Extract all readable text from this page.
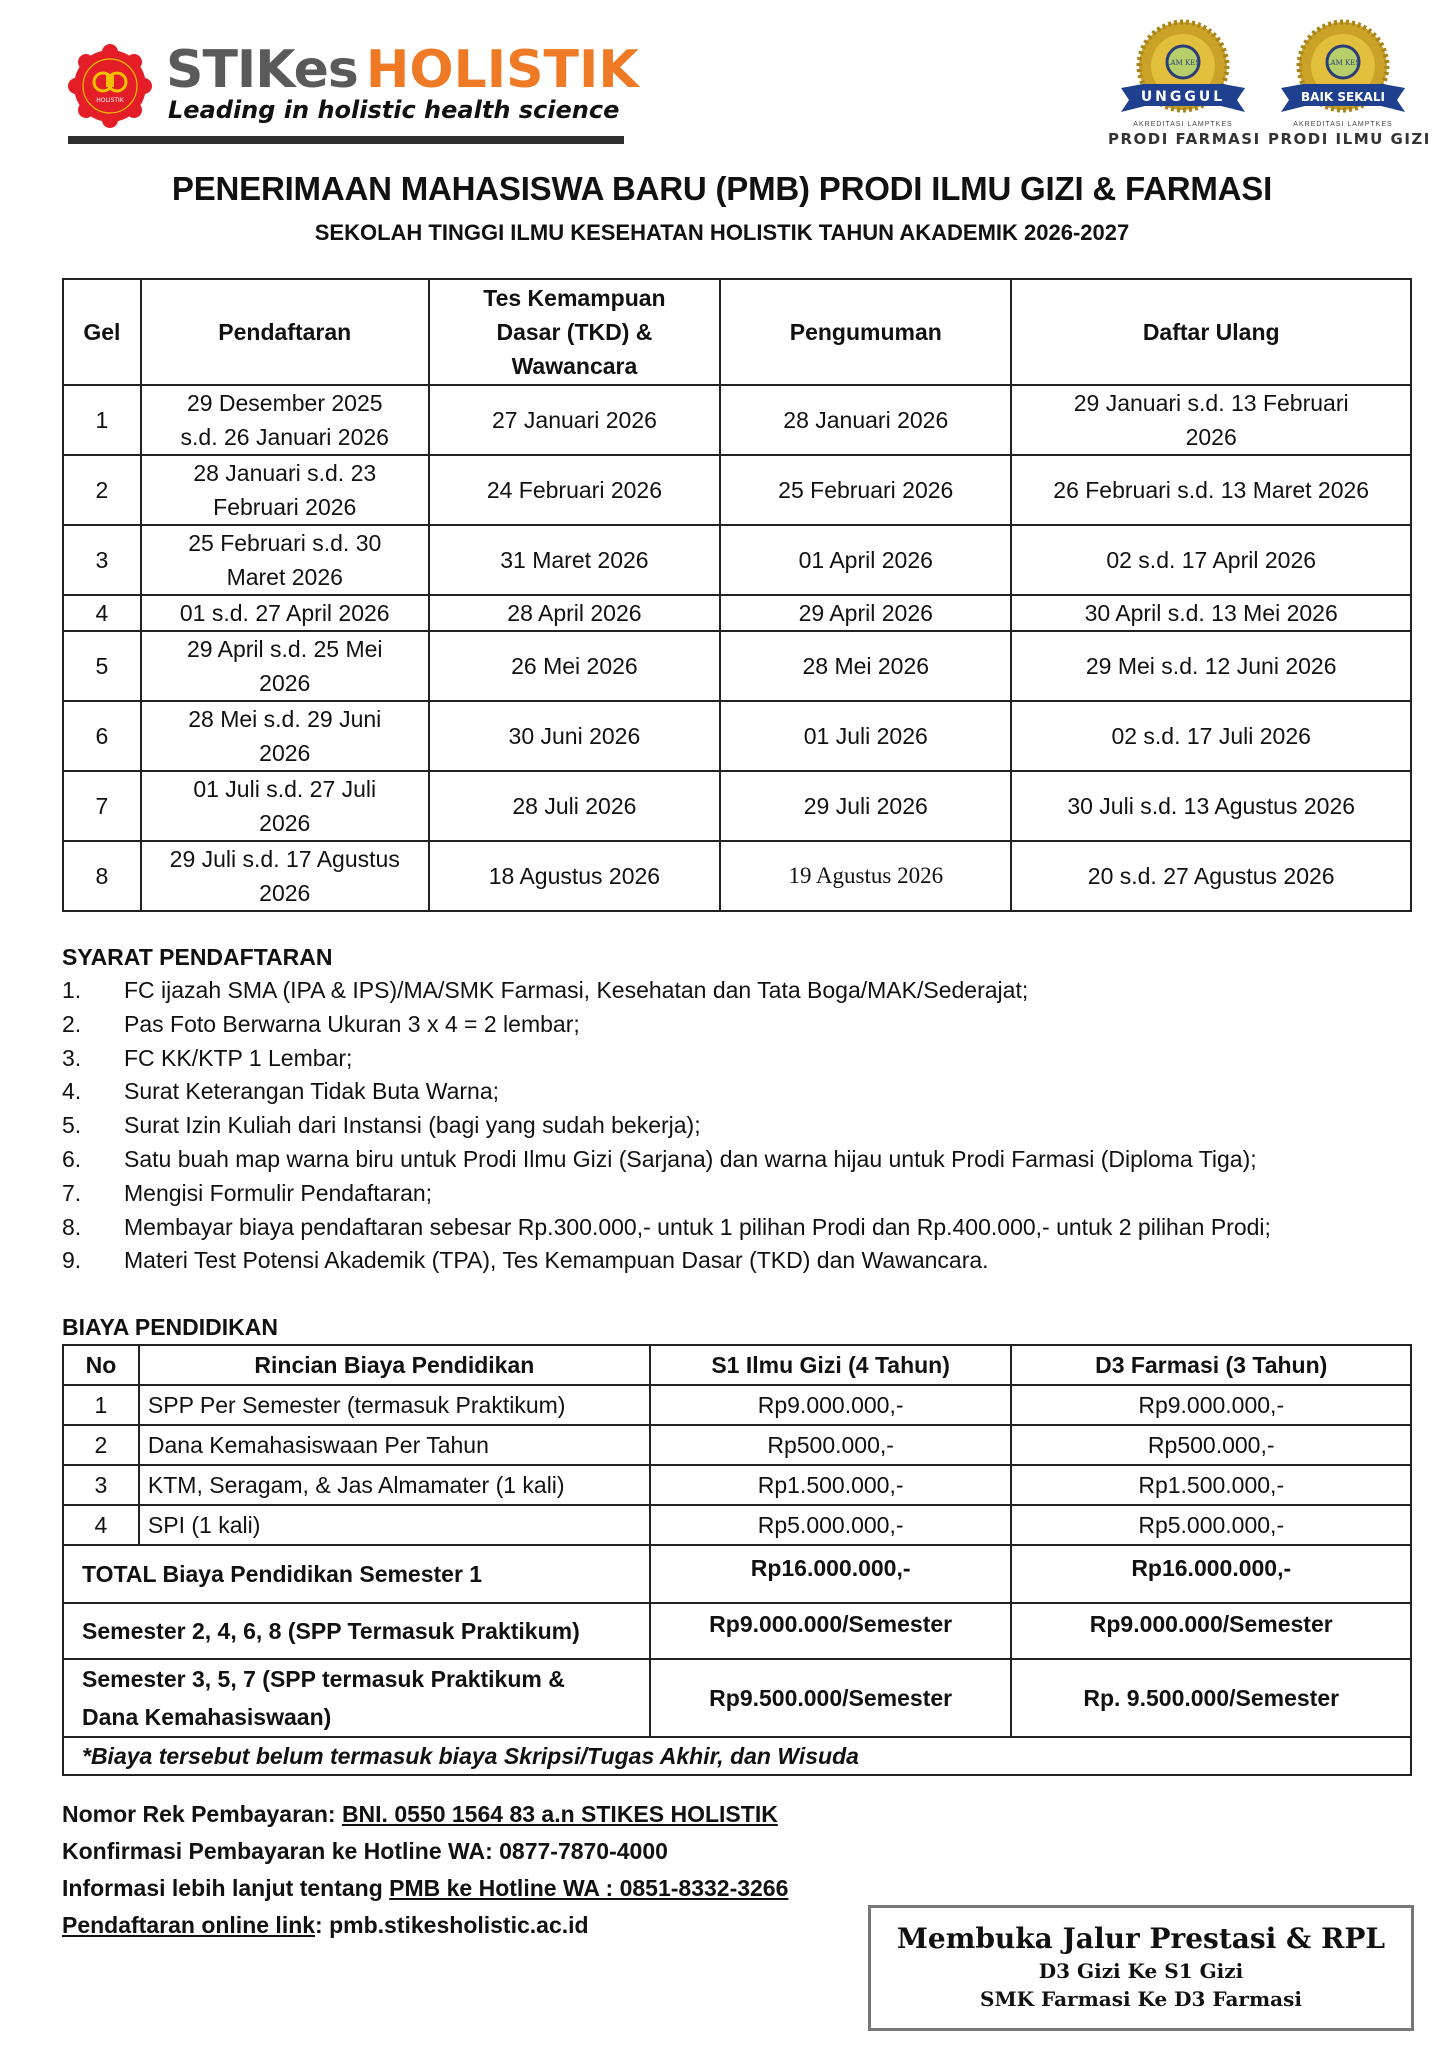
HOLISTIK
STIKes HOLISTIK
Leading in holistic health science
LAM KES
UNGGUL
AKREDITASI LAMPTKES
PRODI FARMASI
LAM KES
BAIK SEKALI
AKREDITASI LAMPTKES
PRODI ILMU GIZI
PENERIMAAN MAHASISWA BARU (PMB) PRODI ILMU GIZI & FARMASI
SEKOLAH TINGGI ILMU KESEHATAN HOLISTIK TAHUN AKADEMIK 2026-2027
Gel	Pendaftaran	Tes Kemampuan Dasar (TKD) & Wawancara	Pengumuman	Daftar Ulang
1	29 Desember 2025 s.d. 26 Januari 2026	27 Januari 2026	28 Januari 2026	29 Januari s.d. 13 Februari 2026

2	28 Januari s.d. 23 Februari 2026	24 Februari 2026	25 Februari 2026	26 Februari s.d. 13 Maret 2026
3	25 Februari s.d. 30 Maret 2026	31 Maret 2026	01 April 2026	02 s.d. 17 April 2026
4	01 s.d. 27 April 2026	28 April 2026	29 April 2026	30 April s.d. 13 Mei 2026
5	29 April s.d. 25 Mei 2026	26 Mei 2026	28 Mei 2026	29 Mei s.d. 12 Juni 2026
6	28 Mei s.d. 29 Juni 2026	30 Juni 2026	01 Juli 2026	02 s.d. 17 Juli 2026
7	01 Juli s.d. 27 Juli 2026	28 Juli 2026	29 Juli 2026	30 Juli s.d. 13 Agustus 2026
8	29 Juli s.d. 17 Agustus 2026	18 Agustus 2026	19 Agustus 2026	20 s.d. 27 Agustus 2026
SYARAT PENDAFTARAN
1.	FC ijazah SMA (IPA & IPS)/MA/SMK Farmasi, Kesehatan dan Tata Boga/MAK/Sederajat;
2.	Pas Foto Berwarna Ukuran 3 x 4 = 2 lembar;
3.	FC KK/KTP 1 Lembar;
4.	Surat Keterangan Tidak Buta Warna;
5.	Surat Izin Kuliah dari Instansi (bagi yang sudah bekerja);
6.	Satu buah map warna biru untuk Prodi Ilmu Gizi (Sarjana) dan warna hijau untuk Prodi Farmasi (Diploma Tiga);
7.	Mengisi Formulir Pendaftaran;
8.	Membayar biaya pendaftaran sebesar Rp.300.000,- untuk 1 pilihan Prodi dan Rp.400.000,- untuk 2 pilihan Prodi;
9.	Materi Test Potensi Akademik (TPA), Tes Kemampuan Dasar (TKD) dan Wawancara.
BIAYA PENDIDIKAN
No	Rincian Biaya Pendidikan	S1 Ilmu Gizi (4 Tahun)	D3 Farmasi (3 Tahun)
1	SPP Per Semester (termasuk Praktikum)	Rp9.000.000,-	Rp9.000.000,-
2	Dana Kemahasiswaan Per Tahun	Rp500.000,-	Rp500.000,-
3	KTM, Seragam, & Jas Almamater (1 kali)	Rp1.500.000,-	Rp1.500.000,-
4	SPI (1 kali)	Rp5.000.000,-	Rp5.000.000,-
TOTAL Biaya Pendidikan Semester 1		Rp16.000.000,-	Rp16.000.000,-
Semester 2, 4, 6, 8 (SPP Termasuk Praktikum)		Rp9.000.000/Semester	Rp9.000.000/Semester

Semester 3, 5, 7 (SPP termasuk Praktikum &
Dana Kemahasiswaan)		Rp9.500.000/Semester	Rp. 9.500.000/Semester
*Biaya tersebut belum termasuk biaya Skripsi/Tugas Akhir, dan Wisuda			
Nomor Rek Pembayaran: BNI. 0550 1564 83 a.n STIKES HOLISTIK
Konfirmasi Pembayaran ke Hotline WA: 0877-7870-4000
Informasi lebih lanjut tentang PMB ke Hotline WA : 0851-8332-3266
Pendaftaran online link: pmb.stikesholistic.ac.id	Membuka Jalur Prestasi & RPL
D3 Gizi Ke S1 Gizi
SMK Farmasi Ke D3 Farmasi
